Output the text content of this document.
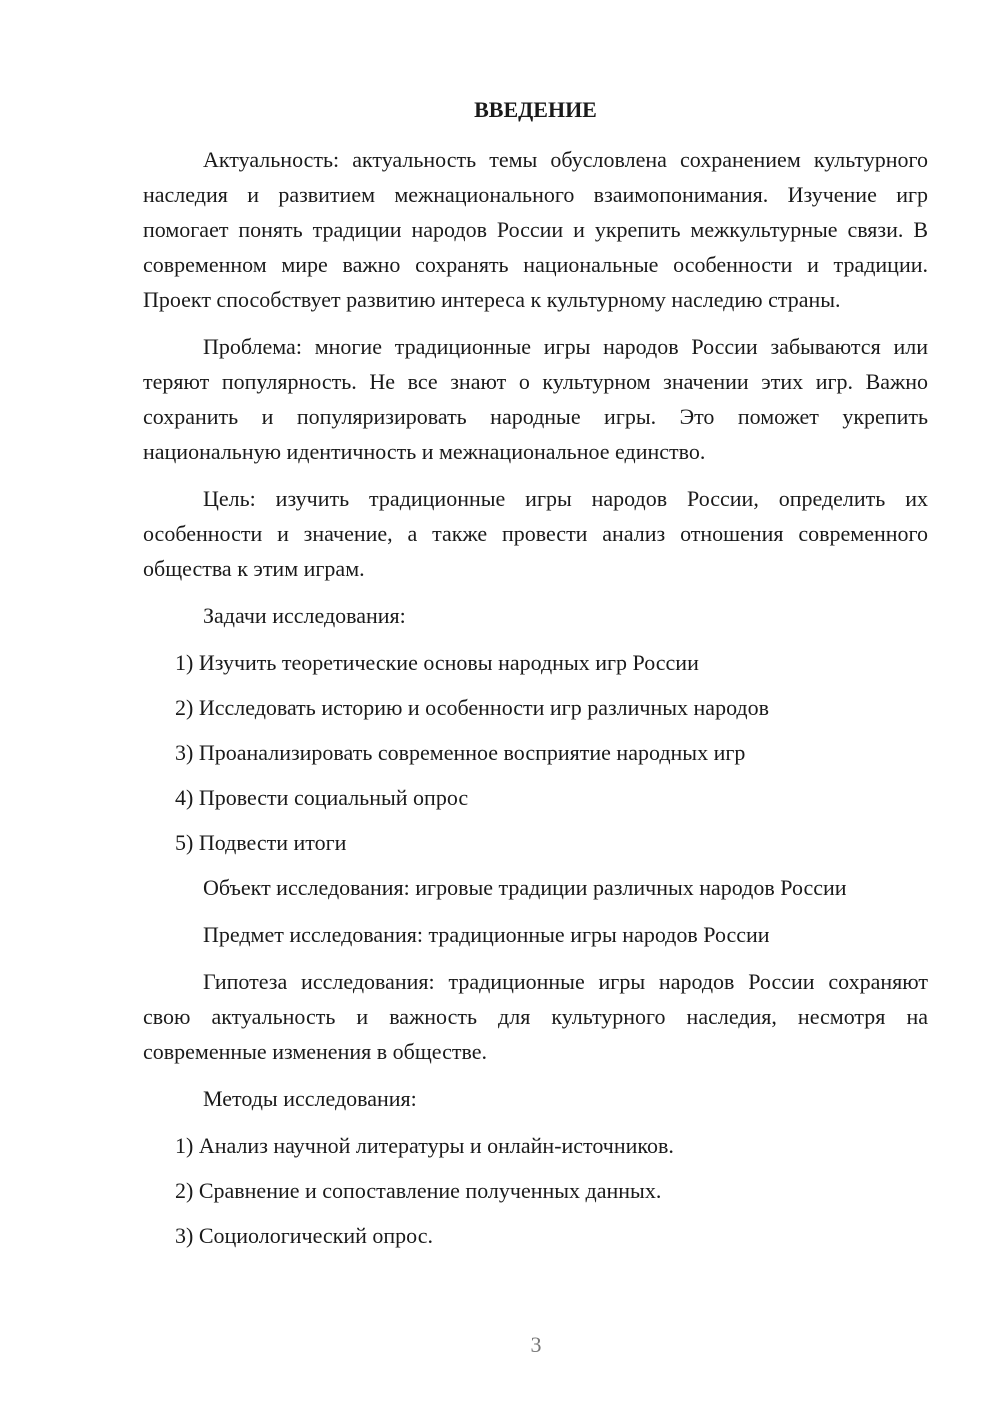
ВВЕДЕНИЕ

Актуальность: актуальность темы обусловлена сохранением культурного наследия и развитием межнационального взаимопонимания. Изучение игр помогает понять традиции народов России и укрепить межкультурные связи. В современном мире важно сохранять национальные особенности и традиции. Проект способствует развитию интереса к культурному наследию страны.

Проблема: многие традиционные игры народов России забываются или теряют популярность. Не все знают о культурном значении этих игр. Важно сохранить и популяризировать народные игры. Это поможет укрепить национальную идентичность и межнациональное единство.

Цель: изучить традиционные игры народов России, определить их особенности и значение, а также провести анализ отношения современного общества к этим играм.

Задачи исследования:

1) Изучить теоретические основы народных игр России
2) Исследовать историю и особенности игр различных народов
3) Проанализировать современное восприятие народных игр
4) Провести социальный опрос
5) Подвести итоги

Объект исследования: игровые традиции различных народов России

Предмет исследования: традиционные игры народов России

Гипотеза исследования: традиционные игры народов России сохраняют свою актуальность и важность для культурного наследия, несмотря на современные изменения в обществе.

Методы исследования:

1) Анализ научной литературы и онлайн-источников.
2) Сравнение и сопоставление полученных данных.
3) Социологический опрос.
3
